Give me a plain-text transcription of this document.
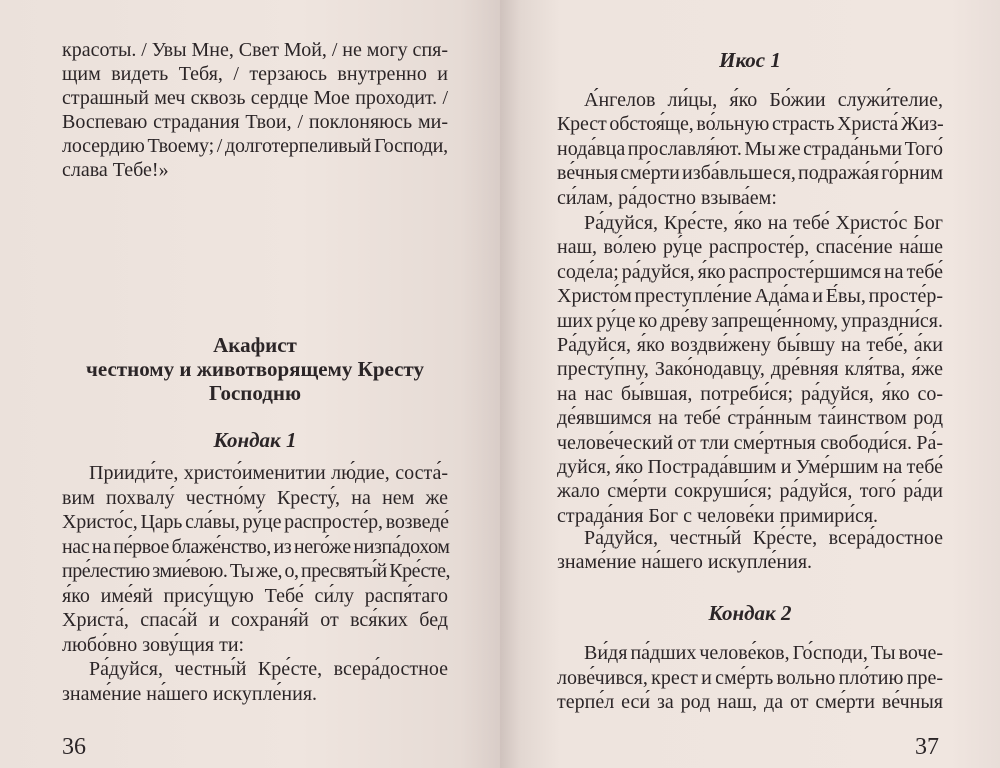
36
красоты. / Увы Мне, Свет Мой, / не могу спя-
щим видеть Тебя, / терзаюсь внутренно и
страшный меч сквозь сердце Мое проходит. /
Воспеваю страдания Твои, / поклоняюсь ми-
лосердию Твоему; / долготерпеливый Господи,
слава Тебе!»
Акафист
честному и животворящему Кресту
Господню
Кондак 1
Прииди́те, христо́именитии лю́дие, соста́-
вим похвалу́ честно́му Кресту́, на нем же
Христо́с, Царь сла́вы, ру́це распросте́р, возведе́
нас на пе́рвое блаже́нство, из него́же низпа́дохом
пре́лестию змие́вою. Ты же, о, пресвяты́й Кре́сте,
я́ко име́яй прису́щую Тебе́ си́лу распя́таго
Христа́, спаса́й и сохраня́й от вся́ких бед
любо́вно зову́щия ти:
Ра́дуйся, честны́й Кре́сте, всера́достное
знаме́ние на́шего искупле́ния.
37
Икос 1
А́нгелов ли́цы, я́ко Бо́жии служи́телие,
Крест обстоя́ще, во́льную страсть Христа́ Жиз-
нода́вца прославля́ют. Мы же страда́ньми Того́
ве́чныя сме́рти изба́вльшеся, подража́я го́рним
си́лам, ра́достно взыва́ем:
Ра́дуйся, Кре́сте, я́ко на тебе́ Христо́с Бог
наш, во́лею ру́це распросте́р, спасе́ние на́ше
соде́ла; ра́дуйся, я́ко распросте́ршимся на тебе́
Христо́м преступле́ние Ада́ма и Е́вы, просте́р-
ших ру́це ко дре́ву запреще́нному, упраздни́ся.
Ра́дуйся, я́ко воздви́жену бы́вшу на тебе́, а́ки
престу́пну, Зако́нодавцу, дре́вняя кля́тва, я́же
на нас бы́вшая, потреби́ся; ра́дуйся, я́ко со-
де́явшимся на тебе́ стра́нным та́инством род
челове́ческий от тли сме́ртныя свободи́ся. Ра́-
дуйся, я́ко Пострада́вшим и Уме́ршим на тебе́
жало сме́рти сокруши́ся; ра́дуйся, того́ ра́ди
страда́ния Бог с челове́ки примири́ся.
Ра́дуйся, честны́й Кре́сте, всера́достное
знаме́ние на́шего искупле́ния.
Кондак 2
Ви́дя па́дших челове́ков, Го́споди, Ты воче-
лове́чився, крест и сме́рть вольно пло́тию пре-
терпе́л еси́ за род наш, да от сме́рти ве́чныя
